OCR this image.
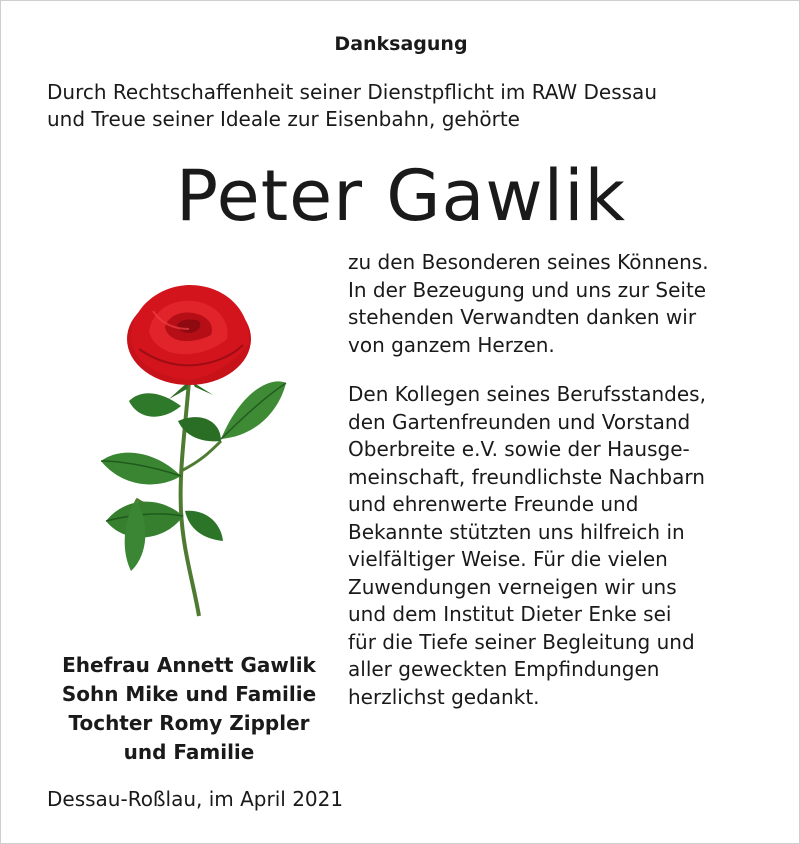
Danksagung
Durch Rechtschaffenheit seiner Dienstpflicht im RAW Dessau
und Treue seiner Ideale zur Eisenbahn, gehörte
Peter Gawlik
zu den Besonderen seines Könnens.
In der Bezeugung und uns zur Seite
stehenden Verwandten danken wir
von ganzem Herzen.
Den Kollegen seines Berufsstandes,
den Gartenfreunden und Vorstand
Oberbreite e.V. sowie der Hausge-
meinschaft, freundlichste Nachbarn
und ehrenwerte Freunde und
Bekannte stützten uns hilfreich in
vielfältiger Weise. Für die vielen
Zuwendungen verneigen wir uns
und dem Institut Dieter Enke sei
für die Tiefe seiner Begleitung und
aller geweckten Empfindungen
herzlichst gedankt.
Ehefrau Annett Gawlik
Sohn Mike und Familie
Tochter Romy Zippler
und Familie
Dessau-Roßlau, im April 2021
